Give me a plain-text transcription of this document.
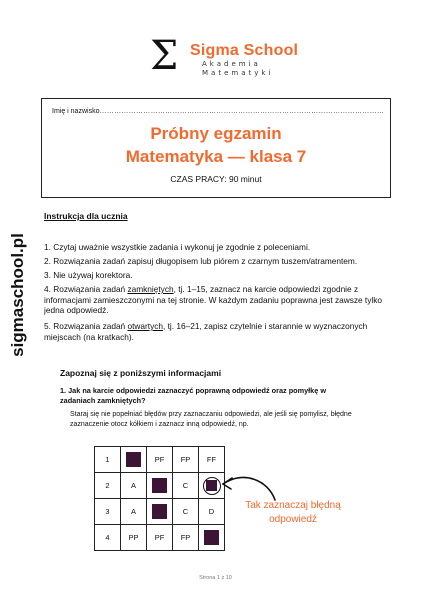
Σ Sigma School
Akademia
Matematyki
sigmaschool.pl
Imię i nazwisko………………………………………………………………………………………………………
Próbny egzamin
Matematyka — klasa 7
CZAS PRACY: 90 minut
Instrukcja dla ucznia
1. Czytaj uważnie wszystkie zadania i wykonuj je zgodnie z poleceniami.
2. Rozwiązania zadań zapisuj długopisem lub piórem z czarnym tuszem/atramentem.
3. Nie używaj korektora.
4. Rozwiązania zadań zamkniętych, tj. 1–15, zaznacz na karcie odpowiedzi zgodnie z informacjami zamieszczonymi na tej stronie. W każdym zadaniu poprawna jest zawsze tylko jedna odpowiedź.
5. Rozwiązania zadań otwartych, tj. 16–21, zapisz czytelnie i starannie w wyznaczonych miejscach (na kratkach).
Zapoznaj się z poniższymi informacjami
1. Jak na karcie odpowiedzi zaznaczyć poprawną odpowiedź oraz pomyłkę w zadaniach zamkniętych?
Staraj się nie popełniać błędów przy zaznaczaniu odpowiedzi, ale jeśli się pomylisz, błędne zaznaczenie otocz kółkiem i zaznacz inną odpowiedź, np.
1		PF	FP	FF
2	A		C	

3	A		C	D
4	PP	PF	FP	
Tak zaznaczaj błędną odpowiedź
Strona 1 z 10
